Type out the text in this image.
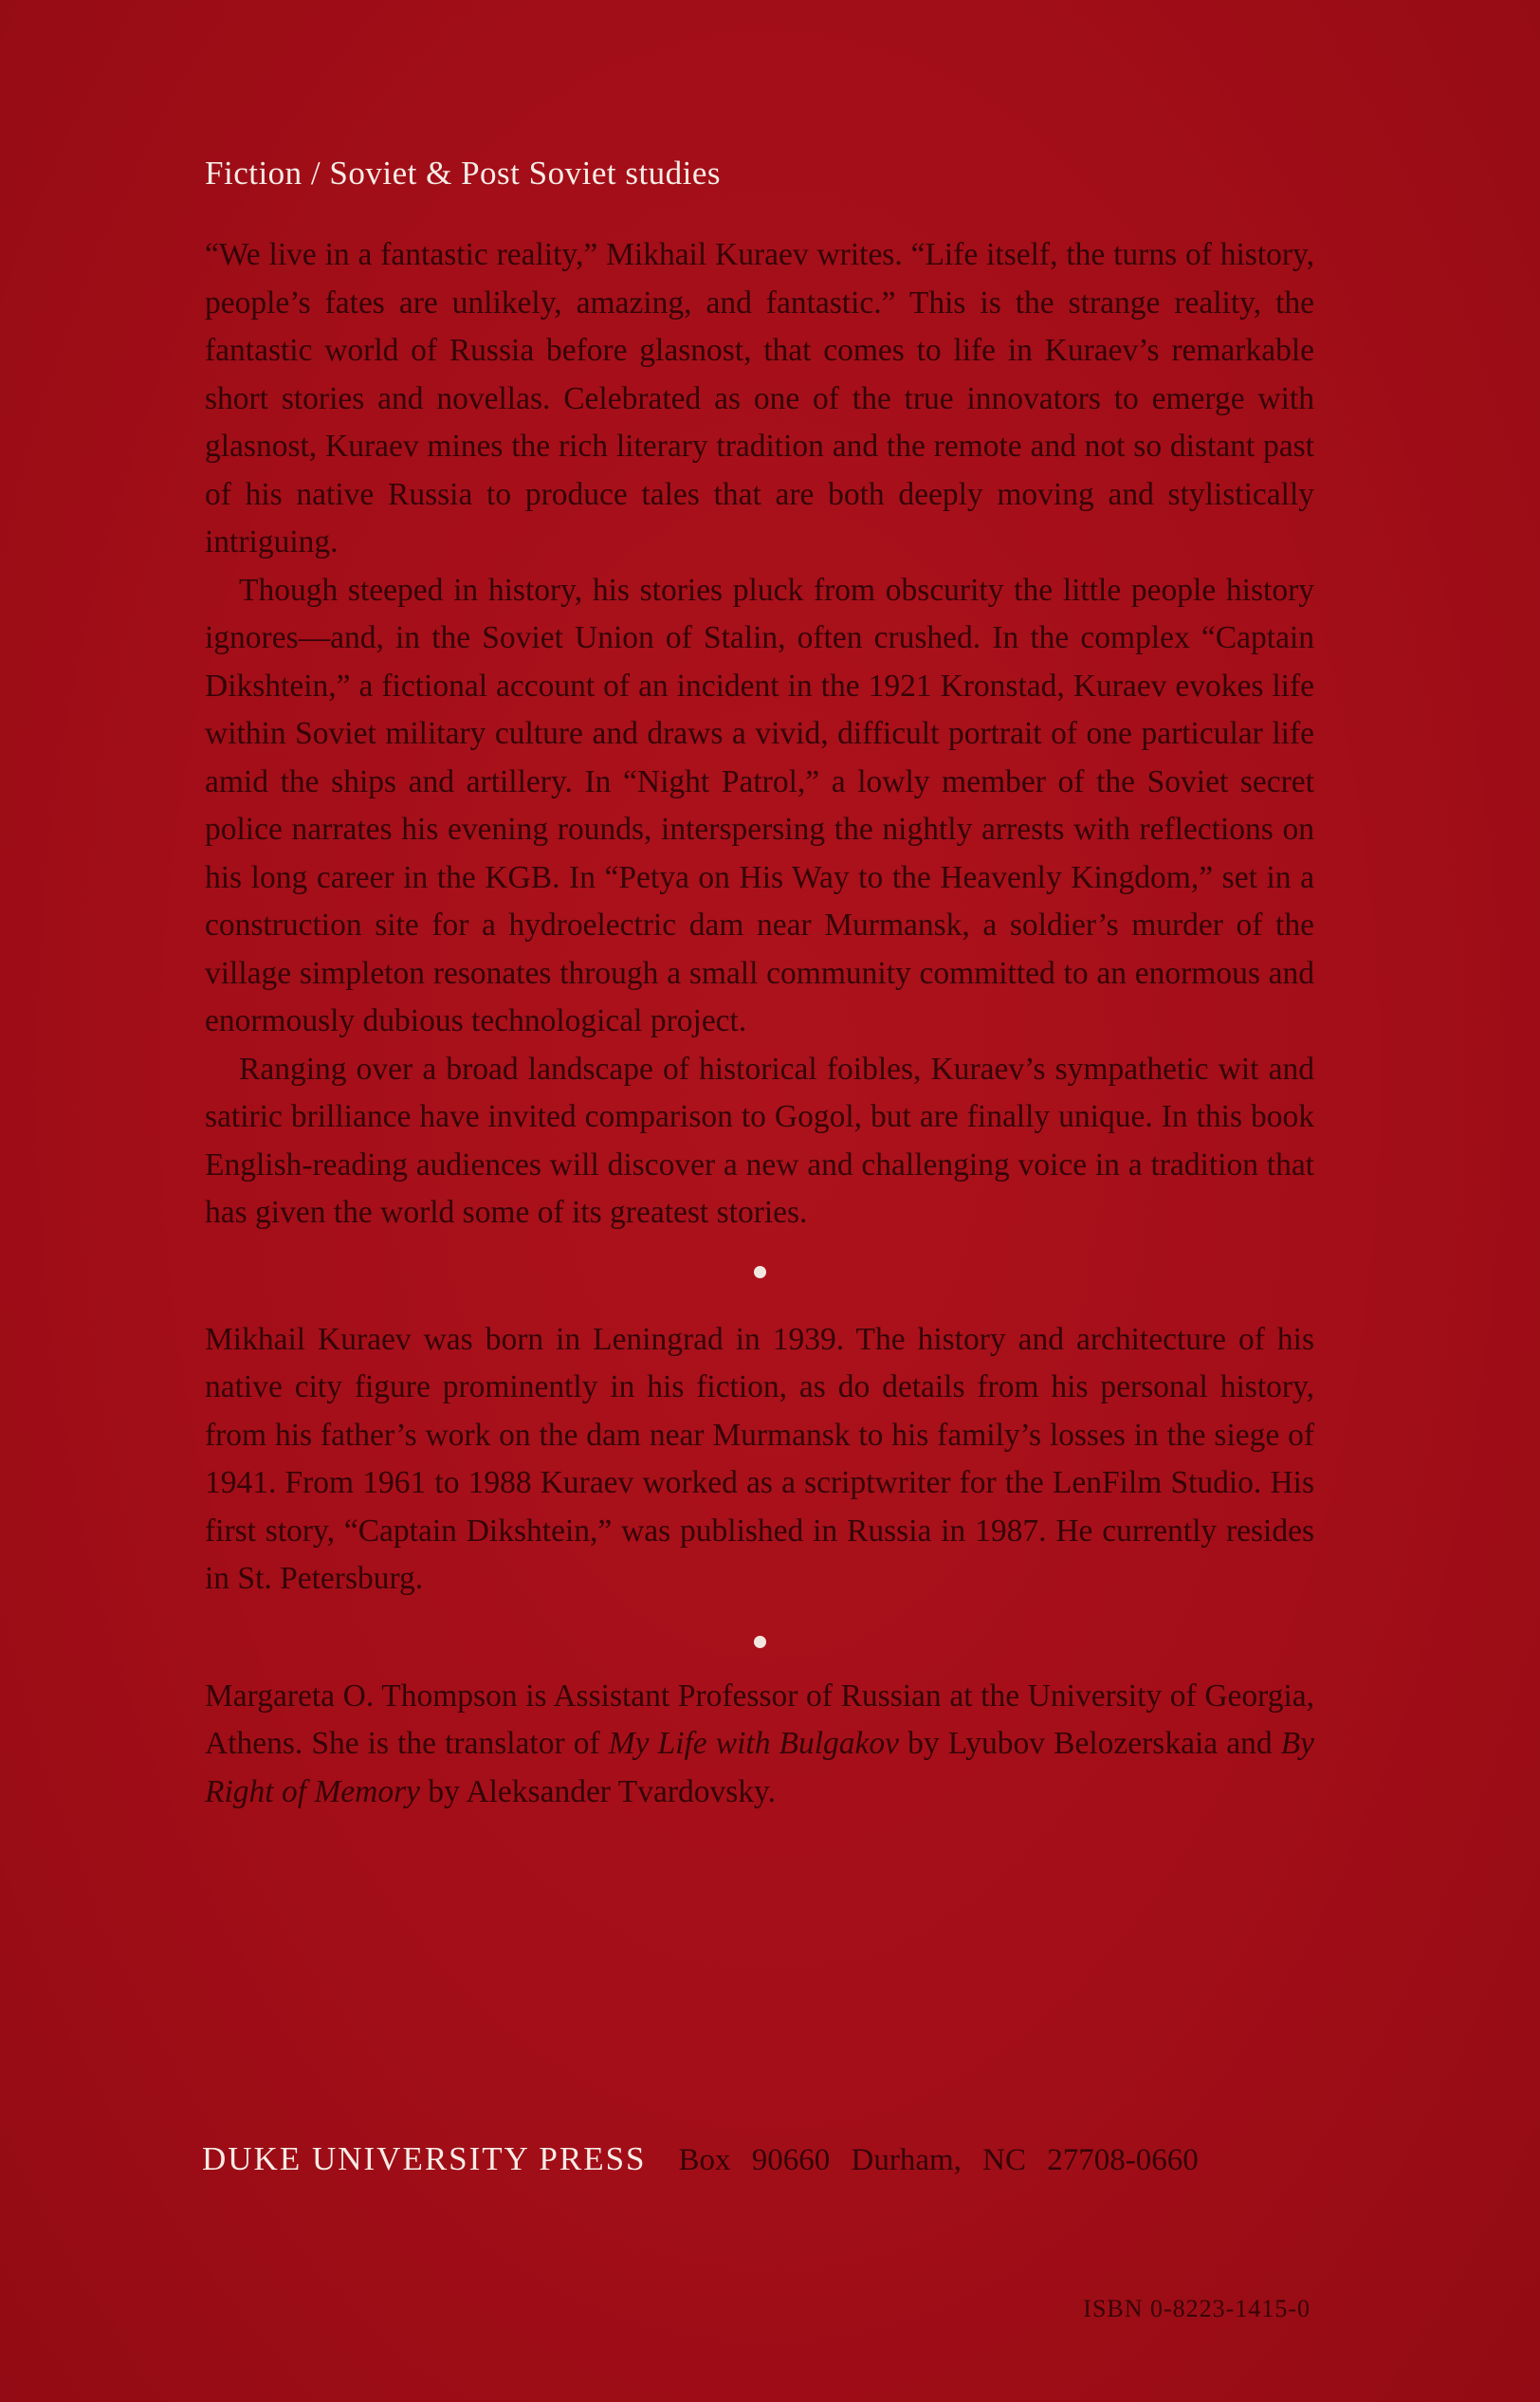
Fiction / Soviet & Post Soviet studies

“We live in a fantastic reality,” Mikhail Kuraev writes. “Life itself, the turns of history, people’s fates are unlikely, amazing, and fantastic.” This is the strange reality, the fantastic world of Russia before glasnost, that comes to life in Kuraev’s remarkable short stories and novellas. Celebrated as one of the true innovators to emerge with glasnost, Kuraev mines the rich literary tradition and the remote and not so distant past of his native Russia to produce tales that are both deeply moving and stylistically intriguing.

Though steeped in history, his stories pluck from obscurity the little people history ignores—and, in the Soviet Union of Stalin, often crushed. In the complex “Captain Dikshtein,” a fictional account of an incident in the 1921 Kronstad, Kuraev evokes life within Soviet military culture and draws a vivid, difficult portrait of one particular life amid the ships and artillery. In “Night Patrol,” a lowly member of the Soviet secret police narrates his evening rounds, interspersing the nightly arrests with reflections on his long career in the KGB. In “Petya on His Way to the Heavenly Kingdom,” set in a construction site for a hydroelectric dam near Murmansk, a soldier’s murder of the village simpleton resonates through a small community committed to an enormous and enormously dubious technological project.

Ranging over a broad landscape of historical foibles, Kuraev’s sympathetic wit and satiric brilliance have invited comparison to Gogol, but are finally unique. In this book English-reading audiences will discover a new and challenging voice in a tradition that has given the world some of its greatest stories.

Mikhail Kuraev was born in Leningrad in 1939. The history and architecture of his native city figure prominently in his fiction, as do details from his personal history, from his father’s work on the dam near Murmansk to his family’s losses in the siege of 1941. From 1961 to 1988 Kuraev worked as a scriptwriter for the LenFilm Studio. His first story, “Captain Dikshtein,” was published in Russia in 1987. He currently resides in St. Petersburg.

Margareta O. Thompson is Assistant Professor of Russian at the University of Georgia, Athens. She is the translator of My Life with Bulgakov by Lyubov Belozerskaia and By Right of Memory by Aleksander Tvardovsky.

DUKE UNIVERSITY PRESS Box 90660 Durham, NC 27708-0660
ISBN 0-8223-1415-0
